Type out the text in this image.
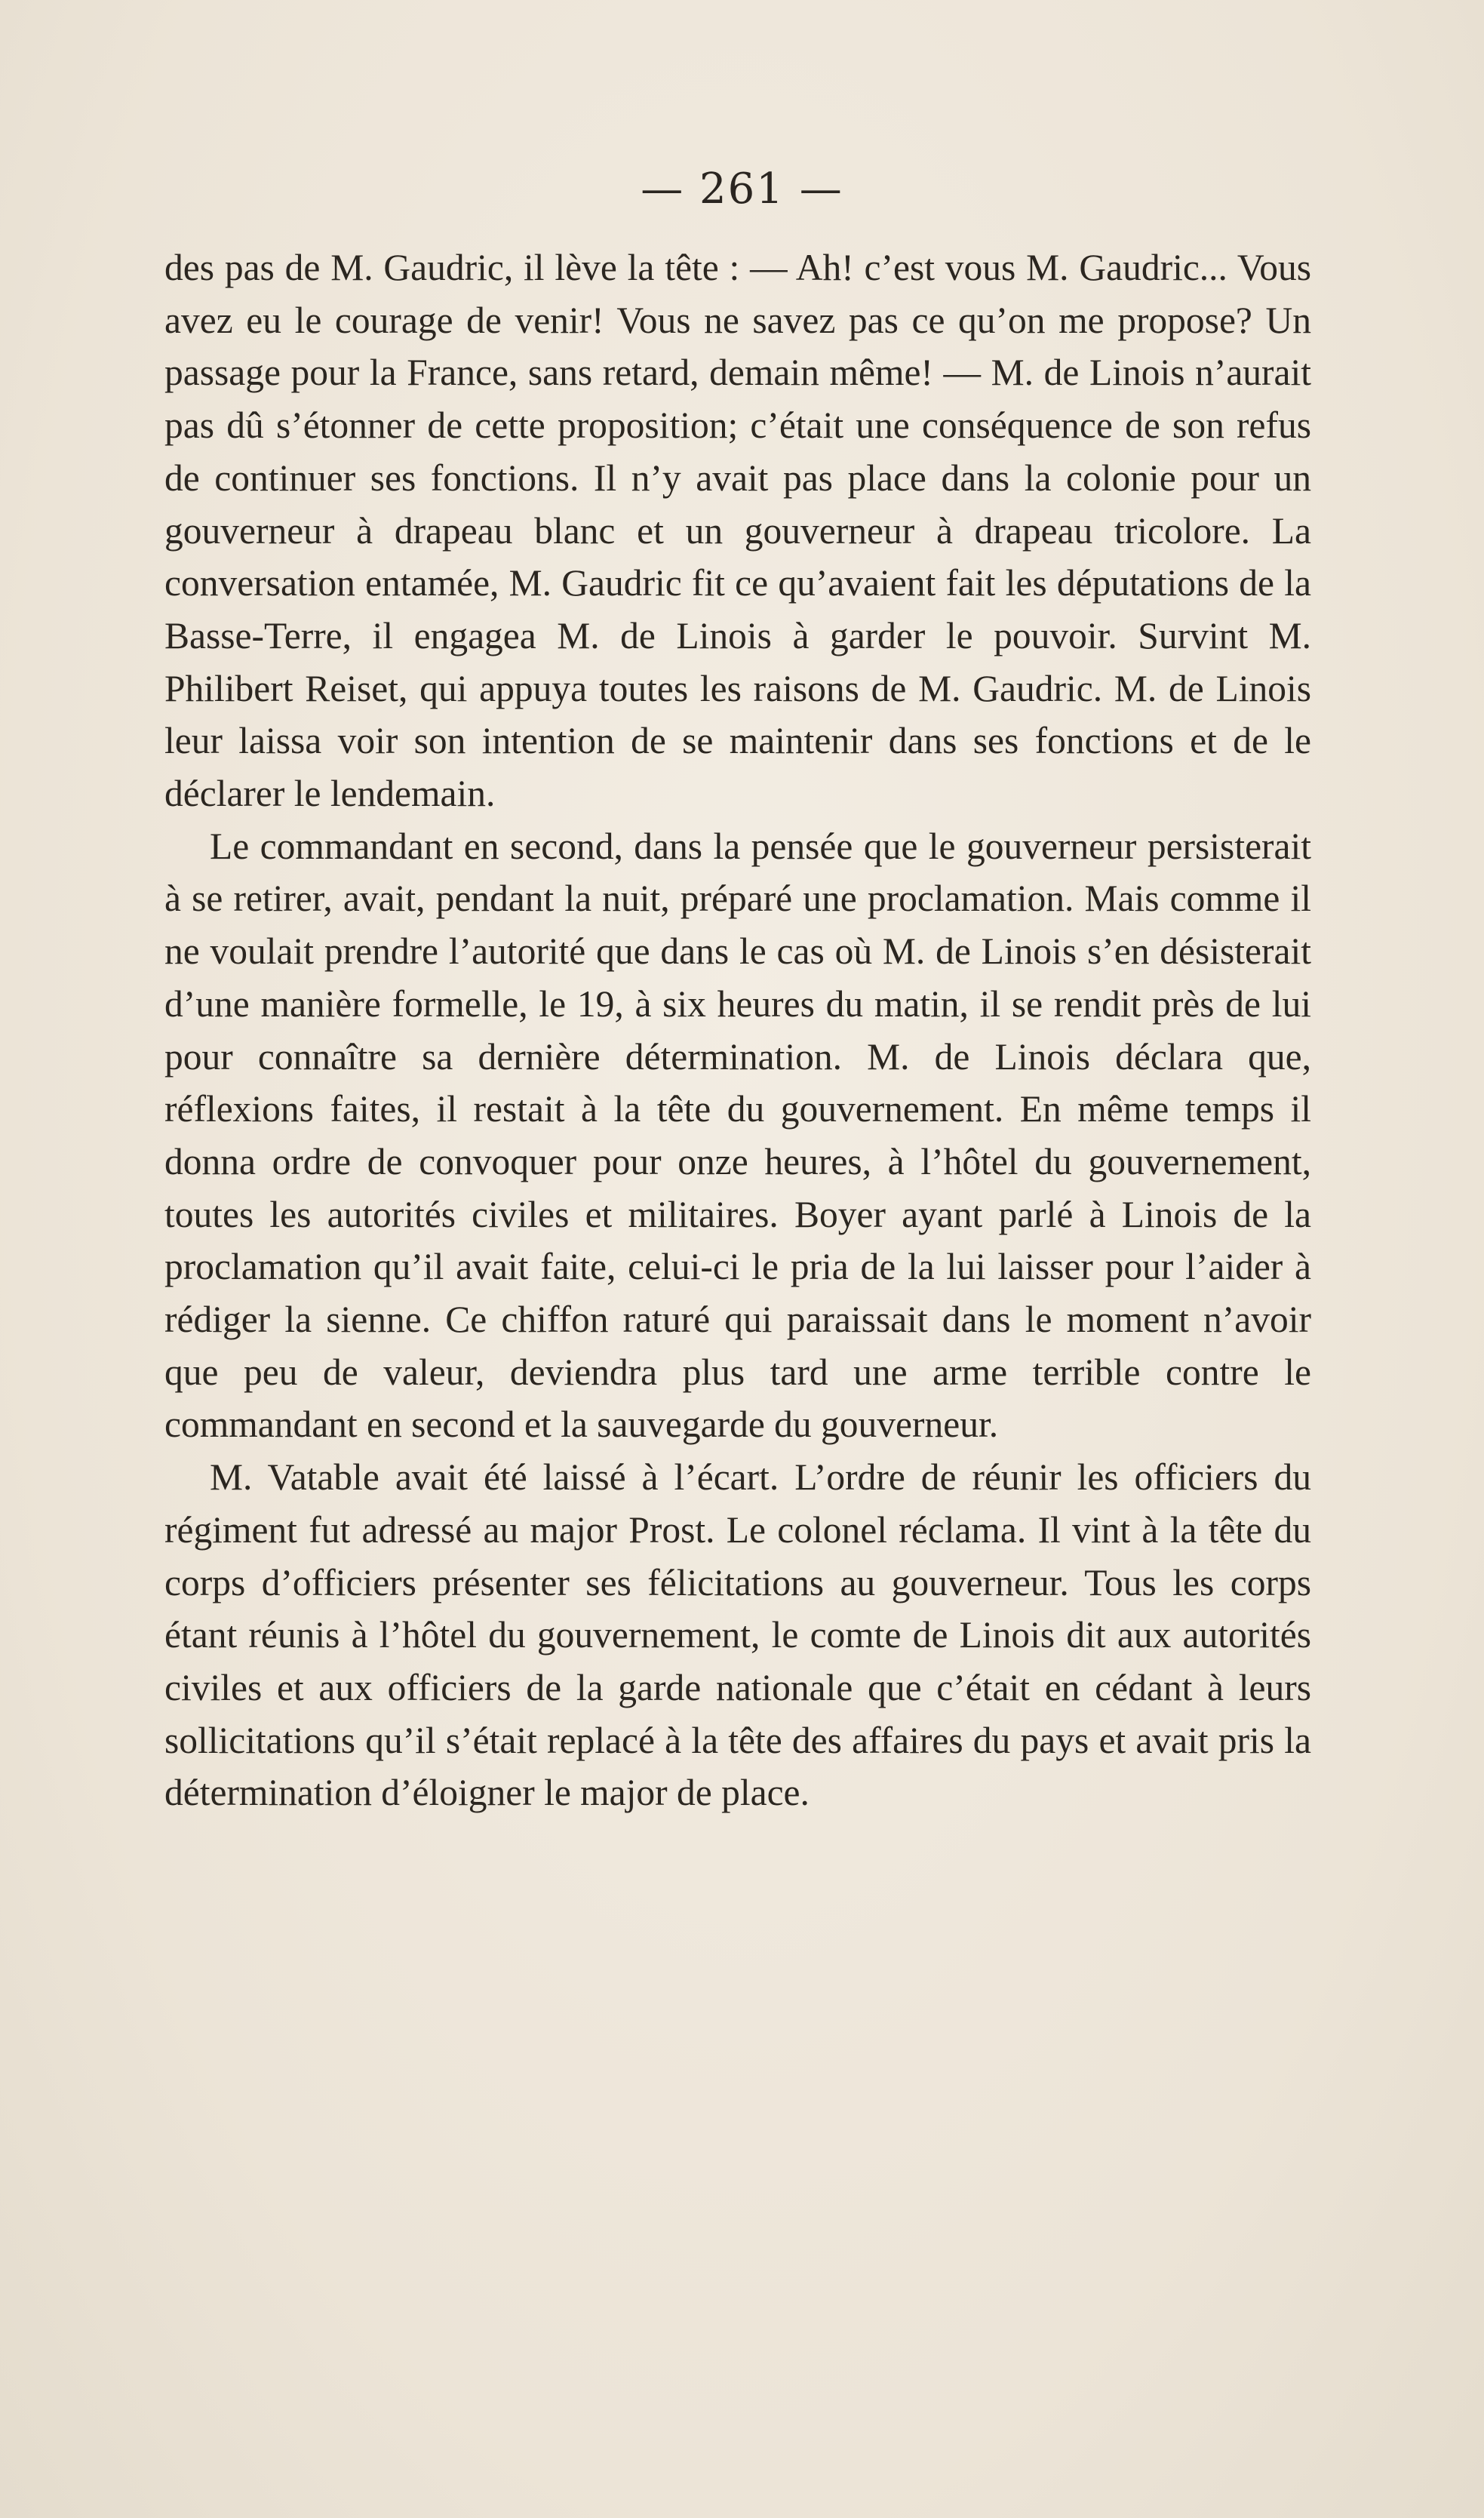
— 261 —

des pas de M. Gaudric, il lève la tête : — Ah! c’est vous M. Gaudric... Vous avez eu le courage de venir! Vous ne savez pas ce qu’on me propose? Un passage pour la France, sans retard, demain même! — M. de Linois n’aurait pas dû s’étonner de cette proposition; c’était une conséquence de son refus de continuer ses fonctions. Il n’y avait pas place dans la colonie pour un gouverneur à drapeau blanc et un gouverneur à drapeau tricolore. La conversation entamée, M. Gaudric fit ce qu’avaient fait les députations de la Basse-Terre, il engagea M. de Linois à garder le pouvoir. Survint M. Philibert Reiset, qui appuya toutes les raisons de M. Gaudric. M. de Linois leur laissa voir son intention de se maintenir dans ses fonctions et de le déclarer le lendemain.

Le commandant en second, dans la pensée que le gouverneur persisterait à se retirer, avait, pendant la nuit, préparé une proclamation. Mais comme il ne voulait prendre l’autorité que dans le cas où M. de Linois s’en désisterait d’une manière formelle, le 19, à six heures du matin, il se rendit près de lui pour connaître sa dernière détermination. M. de Linois déclara que, réflexions faites, il restait à la tête du gouvernement. En même temps il donna ordre de convoquer pour onze heures, à l’hôtel du gouvernement, toutes les autorités civiles et militaires. Boyer ayant parlé à Linois de la proclamation qu’il avait faite, celui-ci le pria de la lui laisser pour l’aider à rédiger la sienne. Ce chiffon raturé qui paraissait dans le moment n’avoir que peu de valeur, deviendra plus tard une arme terrible contre le commandant en second et la sauvegarde du gouverneur.

M. Vatable avait été laissé à l’écart. L’ordre de réunir les officiers du régiment fut adressé au major Prost. Le colonel réclama. Il vint à la tête du corps d’officiers présenter ses félicitations au gouverneur. Tous les corps étant réunis à l’hôtel du gouvernement, le comte de Linois dit aux autorités civiles et aux officiers de la garde nationale que c’était en cédant à leurs sollicitations qu’il s’était replacé à la tête des affaires du pays et avait pris la détermination d’éloigner le major de place.
